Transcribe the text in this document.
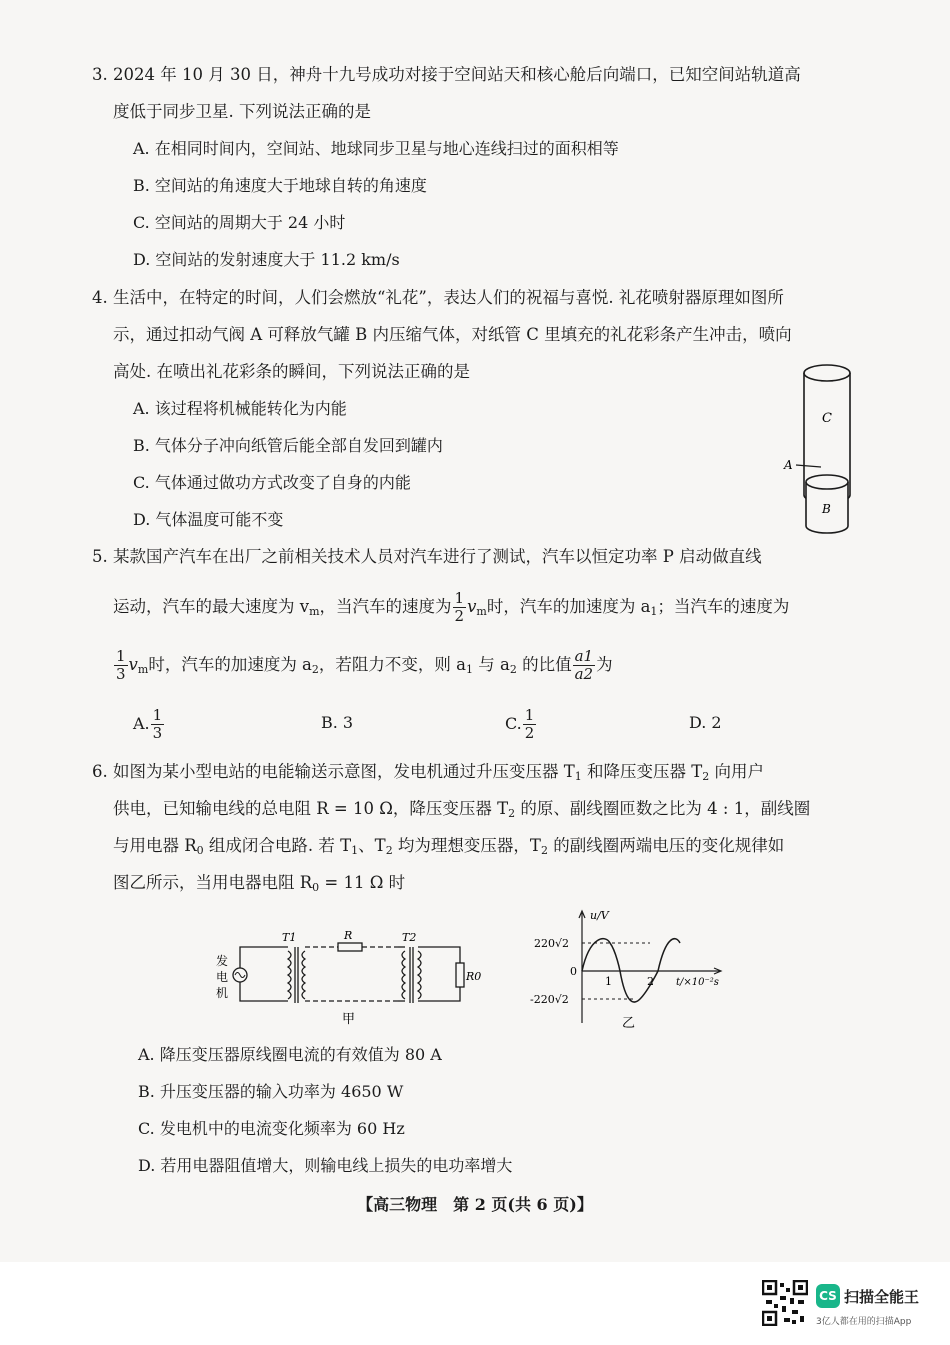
3. 2024 年 10 月 30 日，神舟十九号成功对接于空间站天和核心舱后向端口，已知空间站轨道高
度低于同步卫星. 下列说法正确的是
A. 在相同时间内，空间站、地球同步卫星与地心连线扫过的面积相等
B. 空间站的角速度大于地球自转的角速度
C. 空间站的周期大于 24 小时
D. 空间站的发射速度大于 11.2 km/s
4. 生活中，在特定的时间，人们会燃放“礼花”，表达人们的祝福与喜悦. 礼花喷射器原理如图所
示，通过扣动气阀 A 可释放气罐 B 内压缩气体，对纸管 C 里填充的礼花彩条产生冲击，喷向
高处. 在喷出礼花彩条的瞬间，下列说法正确的是
A. 该过程将机械能转化为内能
B. 气体分子冲向纸管后能全部自发回到罐内
C. 气体通过做功方式改变了自身的内能
D. 气体温度可能不变
C
A
B
5. 某款国产汽车在出厂之前相关技术人员对汽车进行了测试，汽车以恒定功率 P 启动做直线
运动，汽车的最大速度为 $v_m$，当汽车的速度为 $\frac{1}{2} v_m$时，汽车的加速度为 $a_1$；当汽车的速度为
$\frac{1}{3} v_m$时，汽车的加速度为 $a_2$，若阻力不变，则 $a_1$ 与 $a_2$ 的比值 $\frac{a1}{a2}$ 为
A. $\frac{1}{3}$	B. 3	C. $\frac{1}{2}$	D. 2
6. 如图为某小型电站的电能输送示意图，发电机通过升压变压器 $T_1$ 和降压变压器 $T_2$ 向用户
供电，已知输电线的总电阻 R = 10 Ω，降压变压器 $T_2$ 的原、副线圈匝数之比为 4 : 1，副线圈
与用电器 $R_0$ 组成闭合电路. 若 $T_1$、$T_2$ 均为理想变压器，$T_2$ 的副线圈两端电压的变化规律如
图乙所示，当用电器电阻 $R_0 = 11$ Ω 时
发
电
机
T1	R	T2
R0
甲
u/V
220√2
-220√2
0
1	2 t/×10⁻²s
乙
A. 降压变压器原线圈电流的有效值为 80 A
B. 升压变压器的输入功率为 4650 W
C. 发电机中的电流变化频率为 60 Hz
D. 若用电器阻值增大，则输电线上损失的电功率增大
【高三物理　第 2 页(共 6 页)】
CS 扫描全能王
3亿人都在用的扫描App
